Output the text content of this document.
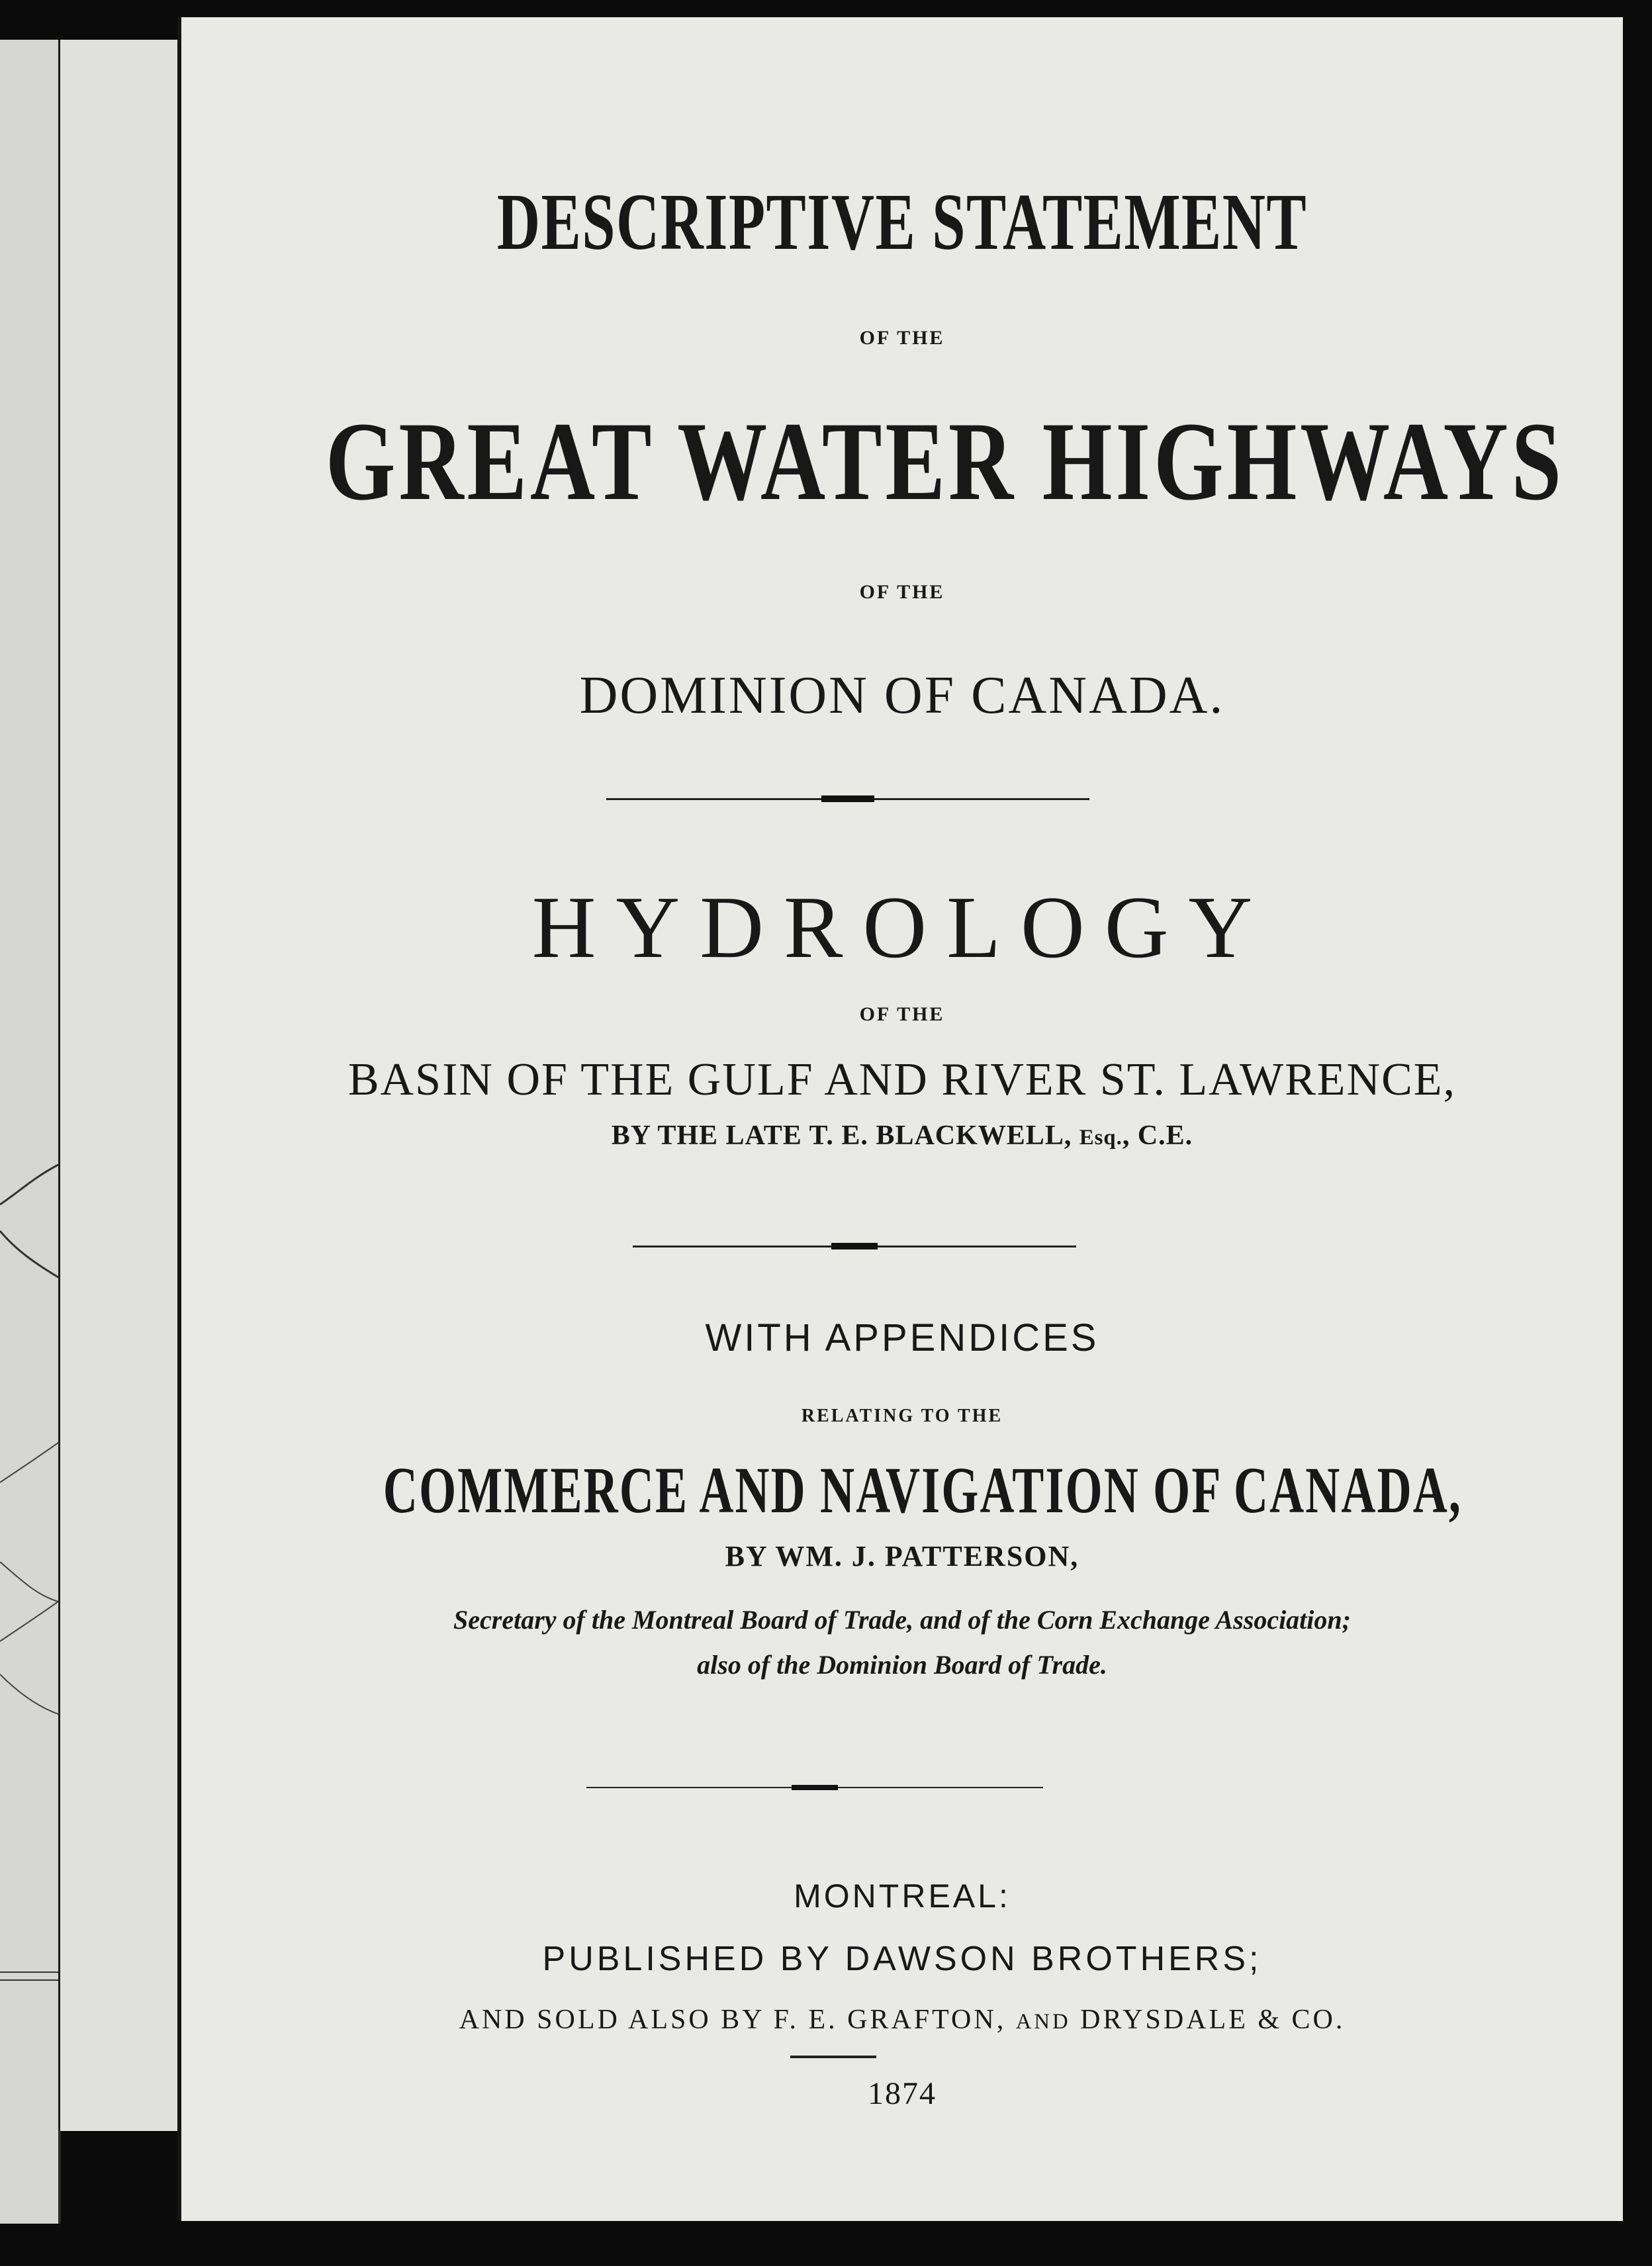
DESCRIPTIVE STATEMENT
OF THE
GREAT WATER HIGHWAYS
OF THE
DOMINION OF CANADA.
HYDROLOGY
OF THE
BASIN OF THE GULF AND RIVER ST. LAWRENCE,
BY THE LATE T. E. BLACKWELL, Esq., C.E.
WITH APPENDICES
RELATING TO THE
COMMERCE AND NAVIGATION OF CANADA,
BY WM. J. PATTERSON,
Secretary of the Montreal Board of Trade, and of the Corn Exchange Association;
also of the Dominion Board of Trade.
MONTREAL:
PUBLISHED BY DAWSON BROTHERS;
AND SOLD ALSO BY F. E. GRAFTON, AND DRYSDALE & CO.
1874
